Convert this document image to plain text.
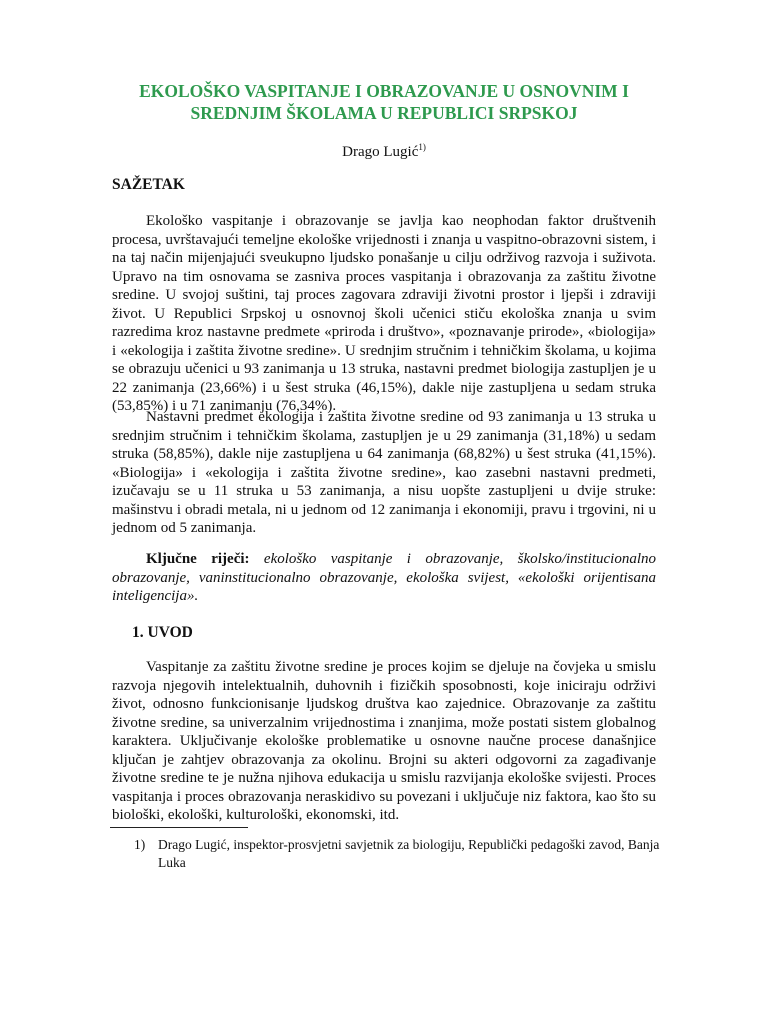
EKOLOŠKO VASPITANJE I OBRAZOVANJE U OSNOVNIM I
SREDNJIM ŠKOLAMA U REPUBLICI SRPSKOJ
Drago Lugić$^{1)}$
SAŽETAK

Ekološko vaspitanje i obrazovanje se javlja kao neophodan faktor društvenih procesa, uvrštavajući temeljne ekološke vrijednosti i znanja u vaspitno-obrazovni sistem, i na taj način mijenjajući sveukupno ljudsko ponašanje u cilju održivog razvoja i suživota. Upravo na tim osnovama se zasniva proces vaspitanja i obrazovanja za zaštitu životne sredine. U svojoj suštini, taj proces zagovara zdraviji životni prostor i ljepši i zdraviji život. U Republici Srpskoj u osnovnoj školi učenici stiču ekološka znanja u svim razredima kroz nastavne predmete «priroda i društvo», «poznavanje prirode», «biologija» i «ekologija i zaštita životne sredine». U srednjim stručnim i tehničkim školama, u kojima se obrazuju učenici u 93 zanimanja u 13 struka, nastavni predmet biologija zastupljen je u 22 zanimanja (23,66%) i u šest struka (46,15%), dakle nije zastupljena u sedam struka (53,85%) i u 71 zanimanju (76,34%).

Nastavni predmet ekologija i zaštita životne sredine od 93 zanimanja u 13 struka u srednjim stručnim i tehničkim školama, zastupljen je u 29 zanimanja (31,18%) u sedam struka (58,85%), dakle nije zastupljena u 64 zanimanja (68,82%) u šest struka (41,15%). «Biologija» i «ekologija i zaštita životne sredine», kao zasebni nastavni predmeti, izučavaju se u 11 struka u 53 zanimanja, a nisu uopšte zastupljeni u dvije struke: mašinstvu i obradi metala, ni u jednom od 12 zanimanja i ekonomiji, pravu i trgovini, ni u jednom od 5 zanimanja.

Ključne riječi: ekološko vaspitanje i obrazovanje, školsko/institucionalno obrazovanje, vaninstitucionalno obrazovanje, ekološka svijest, «ekološki orijentisana inteligencija».

1. UVOD

Vaspitanje za zaštitu životne sredine je proces kojim se djeluje na čovjeka u smislu razvoja njegovih intelektualnih, duhovnih i fizičkih sposobnosti, koje iniciraju održivi život, odnosno funkcionisanje ljudskog društva kao zajednice. Obrazovanje za zaštitu životne sredine, sa univerzalnim vrijednostima i znanjima, može postati sistem globalnog karaktera. Uključivanje ekološke problematike u osnovne naučne procese današnjice ključan je zahtjev obrazovanja za okolinu. Brojni su akteri odgovorni za zagađivanje životne sredine te je nužna njihova edukacija u smislu razvijanja ekološke svijesti. Proces vaspitanja i proces obrazovanja neraskidivo su povezani i uključuje niz faktora, kao što su biološki, ekološki, kulturološki, ekonomski, itd.

1) Drago Lugić, inspektor-prosvjetni savjetnik za biologiju, Republički pedagoški zavod, Banja Luka
